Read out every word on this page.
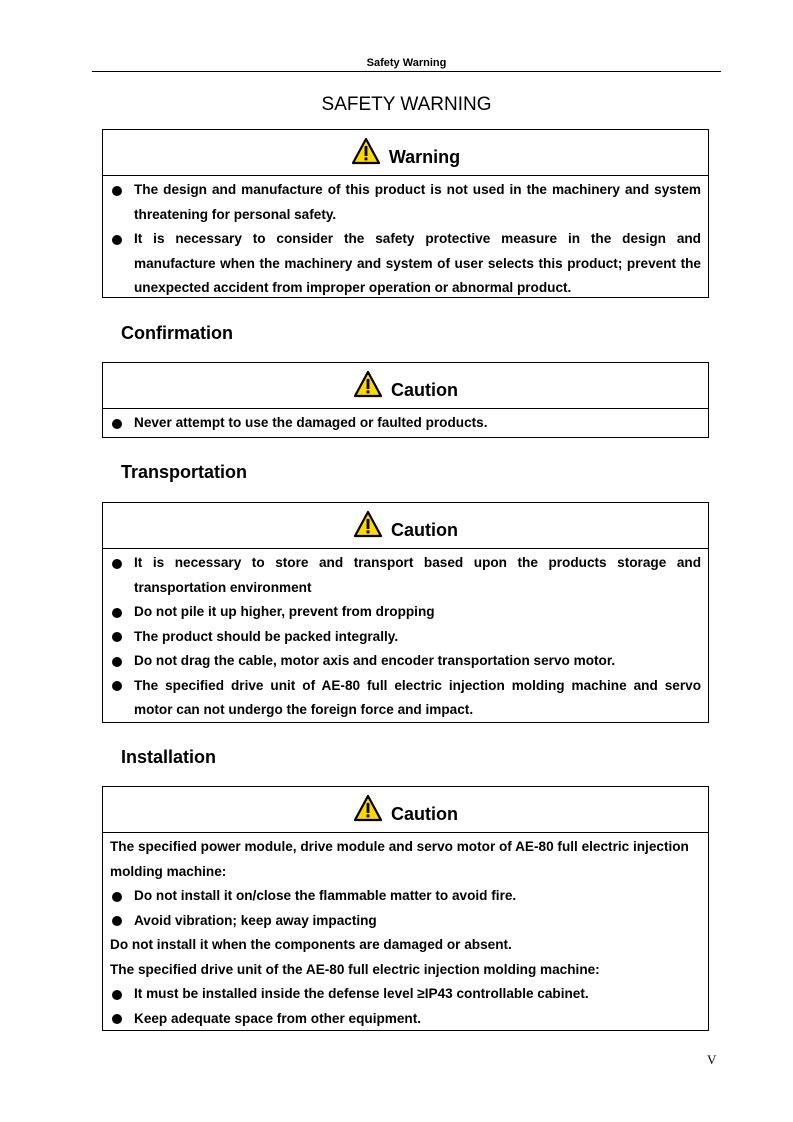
Safety Warning
SAFETY WARNING
Warning
The design and manufacture of this product is not used in the machinery and system threatening for personal safety.
It is necessary to consider the safety protective measure in the design and manufacture when the machinery and system of user selects this product; prevent the unexpected accident from improper operation or abnormal product.
Confirmation
Caution
Never attempt to use the damaged or faulted products.
Transportation
Caution
It is necessary to store and transport based upon the products storage and transportation environment
Do not pile it up higher, prevent from dropping
The product should be packed integrally.
Do not drag the cable, motor axis and encoder transportation servo motor.
The specified drive unit of AE-80 full electric injection molding machine and servo motor can not undergo the foreign force and impact.
Installation
Caution
The specified power module, drive module and servo motor of AE-80 full electric injection molding machine:
Do not install it on/close the flammable matter to avoid fire.
Avoid vibration; keep away impacting
Do not install it when the components are damaged or absent.
The specified drive unit of the AE-80 full electric injection molding machine:
It must be installed inside the defense level ≥IP43 controllable cabinet.
Keep adequate space from other equipment.
V
